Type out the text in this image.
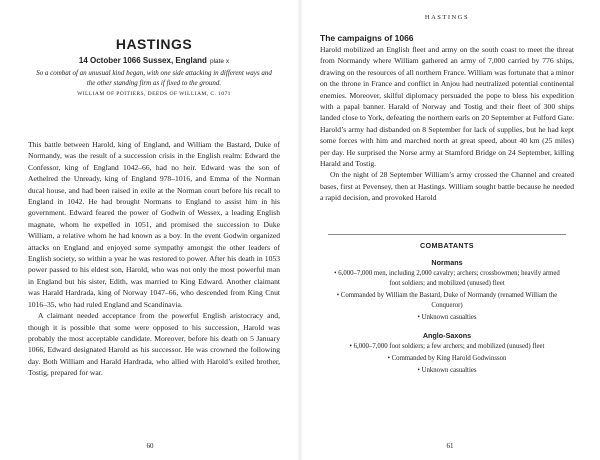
HASTINGS
14 October 1066 Sussex, England plate x
So a combat of an unusual kind began, with one side attacking in different ways and the other standing firm as if fixed to the ground.
WILLIAM OF POITIERS, DEEDS OF WILLIAM, C. 1071

This battle between Harold, king of England, and William the Bastard, Duke of Normandy, was the result of a succession crisis in the English realm: Edward the Confessor, king of England 1042–66, had no heir. Edward was the son of Aethelred the Unready, king of England 978–1016, and Emma of the Norman ducal house, and had been raised in exile at the Norman court before his recall to England in 1042. He had brought Normans to England to assist him in his government. Edward feared the power of Godwin of Wessex, a leading English magnate, whom he expelled in 1051, and promised the succession to Duke William, a relative whom he had known as a boy. In the event Godwin organized attacks on England and enjoyed some sympathy amongst the other leaders of English society, so within a year he was restored to power. After his death in 1053 power passed to his eldest son, Harold, who was not only the most powerful man in England but his sister, Edith, was married to King Edward. Another claimant was Harald Hardrada, king of Norway 1047–66, who descended from King Cnut 1016–35, who had ruled England and Scandinavia.

A claimant needed acceptance from the powerful English aristocracy and, though it is possible that some were opposed to his succession, Harold was probably the most acceptable candidate. Moreover, before his death on 5 January 1066, Edward designated Harold as his successor. He was crowned the following day. Both William and Harald Hardrada, who allied with Harold’s exiled brother, Tostig, prepared for war.

60
HASTINGS
The campaigns of 1066

Harold mobilized an English fleet and army on the south coast to meet the threat from Normandy where William gathered an army of 7,000 carried by 776 ships, drawing on the resources of all northern France. William was fortunate that a minor on the throne in France and conflict in Anjou had neutralized potential continental enemies. Moreover, skilful diplomacy persuaded the pope to bless his expedition with a papal banner. Harald of Norway and Tostig and their fleet of 300 ships landed close to York, defeating the northern earls on 20 September at Fulford Gate. Harold’s army had disbanded on 8 September for lack of supplies, but he had kept some forces with him and marched north at great speed, about 40 km (25 miles) per day. He surprised the Norse army at Stamford Bridge on 24 September, killing Harald and Tostig.

On the night of 28 September William’s army crossed the Channel and created bases, first at Pevensey, then at Hastings. William sought battle because he needed a rapid decision, and provoked Harold

COMBATANTS
Normans

• 6,000–7,000 men, including 2,000 cavalry; archers; crossbowmen; heavily armed foot soldiers; and mobilized (unused) fleet

• Commanded by William the Bastard, Duke of Normandy (renamed William the Conqueror)

• Unknown casualties

Anglo-Saxons

• 6,000–7,000 foot soldiers; a few archers; and mobilized (unused) fleet

• Commanded by King Harold Godwinsson

• Unknown casualties

61
